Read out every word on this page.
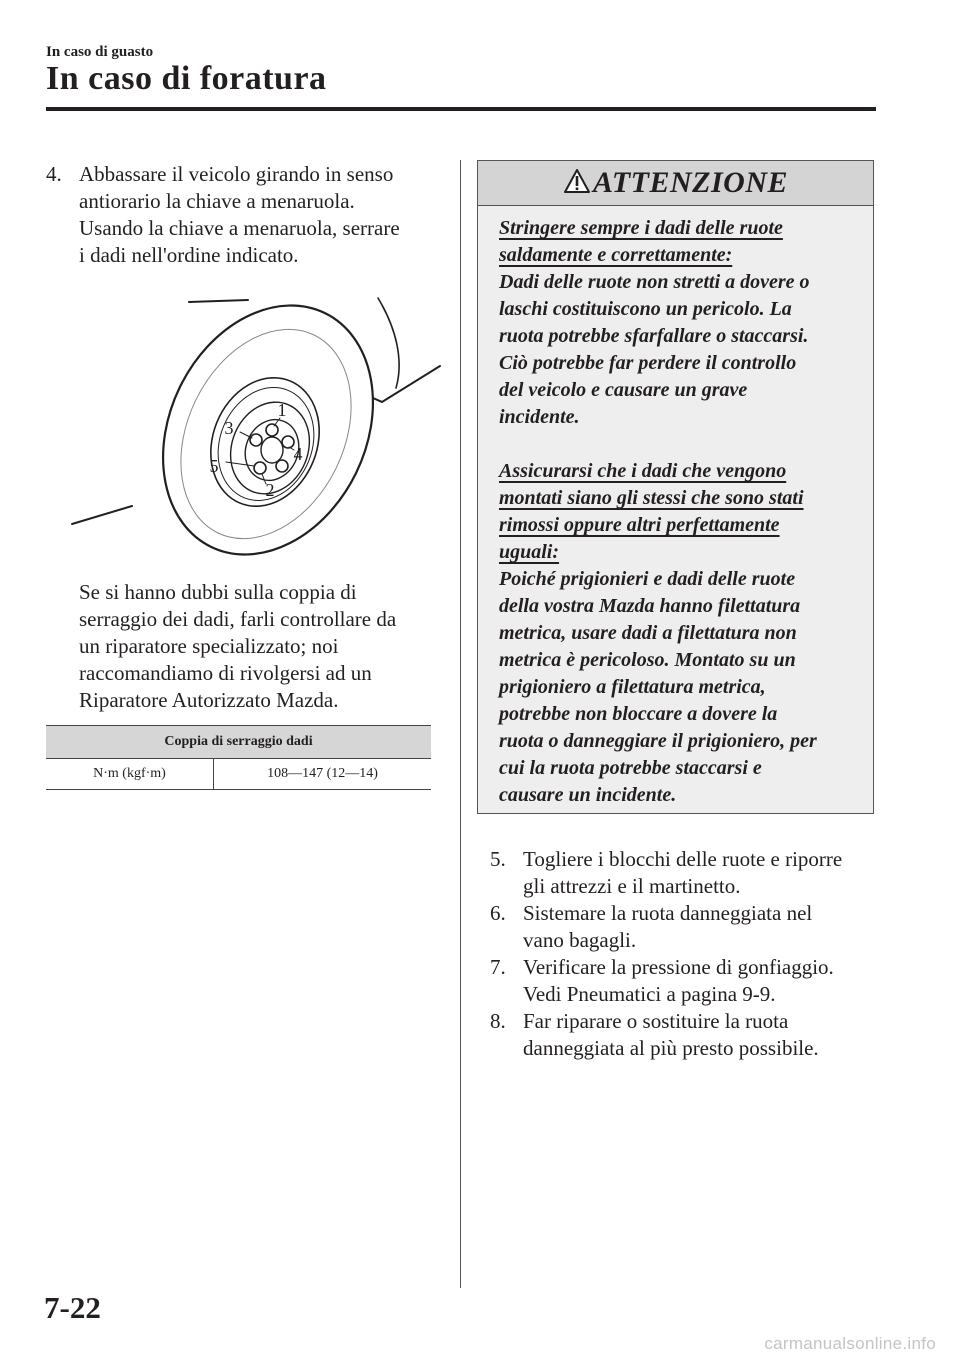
In caso di guasto
In caso di foratura
4. Abbassare il veicolo girando in senso
antiorario la chiave a menaruola.
Usando la chiave a menaruola, serrare
i dadi nell'ordine indicato.
1
2
3
4
5
Se si hanno dubbi sulla coppia di
serraggio dei dadi, farli controllare da
un riparatore specializzato; noi
raccomandiamo di rivolgersi ad un
Riparatore Autorizzato Mazda.
Coppia di serraggio dadi
N·m (kgf·m)	108―147 (12―14)
ATTENZIONE

Stringere sempre i dadi delle ruote

saldamente e correttamente:

Dadi delle ruote non stretti a dovere o

laschi costituiscono un pericolo. La

ruota potrebbe sfarfallare o staccarsi.

Ciò potrebbe far perdere il controllo

del veicolo e causare un grave

incidente.

Assicurarsi che i dadi che vengono

montati siano gli stessi che sono stati

rimossi oppure altri perfettamente

uguali:

Poiché prigionieri e dadi delle ruote

della vostra Mazda hanno filettatura

metrica, usare dadi a filettatura non

metrica è pericoloso. Montato su un

prigioniero a filettatura metrica,

potrebbe non bloccare a dovere la

ruota o danneggiare il prigioniero, per

cui la ruota potrebbe staccarsi e

causare un incidente.

5. Togliere i blocchi delle ruote e riporre
gli attrezzi e il martinetto.
6. Sistemare la ruota danneggiata nel
vano bagagli.
7. Verificare la pressione di gonfiaggio.
Vedi Pneumatici a pagina 9-9.
8. Far riparare o sostituire la ruota
danneggiata al più presto possibile.
7-22
carmanualsonline.info
